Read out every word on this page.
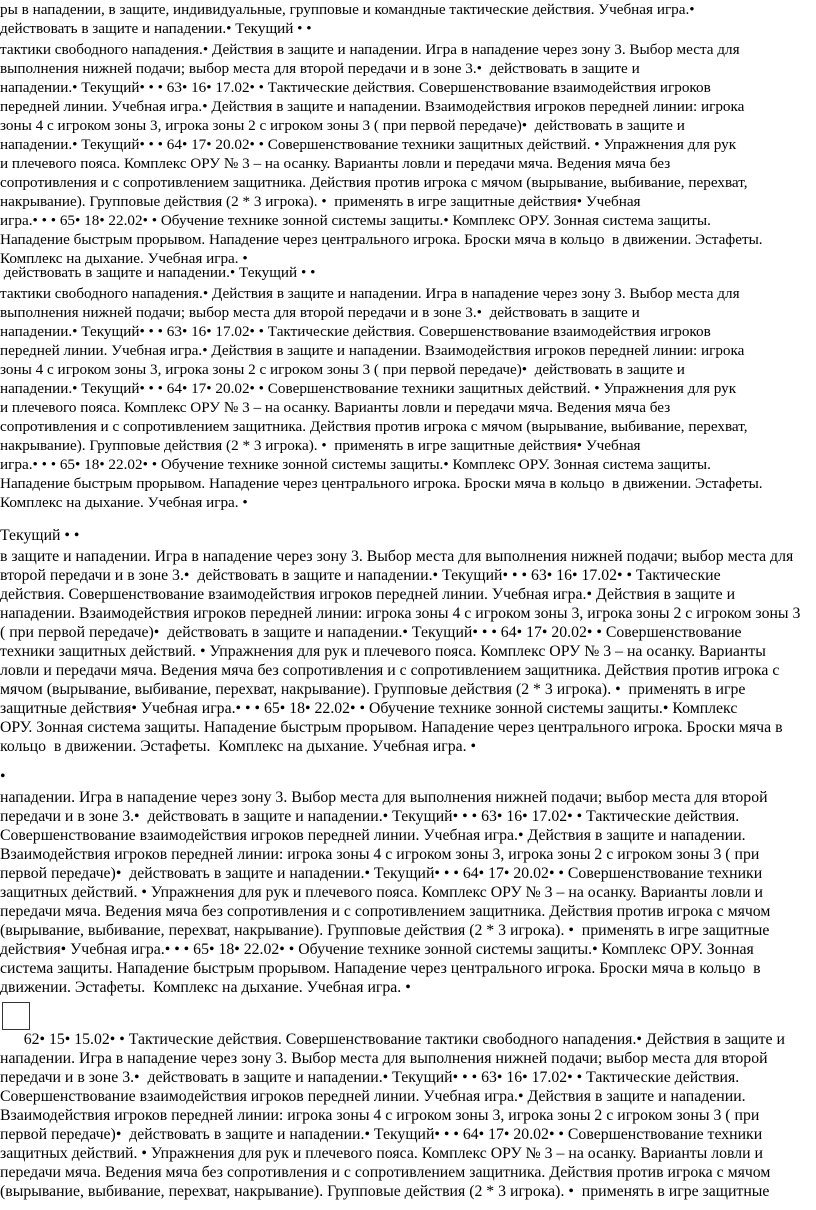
ры в нападении, в защите, индивидуальные, групповые и командные тактические действия. Учебная игра.•
действовать в защите и нападении.• Текущий • •
тактики свободного нападения.• Действия в защите и нападении. Игра в нападение через зону 3. Выбор места для
выполнения нижней подачи; выбор места для второй передачи и в зоне 3.•  действовать в защите и
нападении.• Текущий• • • 63• 16• 17.02• • Тактические действия. Совершенствование взаимодействия игроков
передней линии. Учебная игра.• Действия в защите и нападении. Взаимодействия игроков передней линии: игрока
зоны 4 с игроком зоны 3, игрока зоны 2 с игроком зоны 3 ( при первой передаче)•  действовать в защите и
нападении.• Текущий• • • 64• 17• 20.02• • Совершенствование техники защитных действий. • Упражнения для рук
и плечевого пояса. Комплекс ОРУ № 3 – на осанку. Варианты ловли и передачи мяча. Ведения мяча без
сопротивления и с сопротивлением защитника. Действия против игрока с мячом (вырывание, выбивание, перехват,
накрывание). Групповые действия (2 * 3 игрока). •  применять в игре защитные действия• Учебная
игра.• • • 65• 18• 22.02• • Обучение технике зонной системы защиты.• Комплекс ОРУ. Зонная система защиты.
Нападение быстрым прорывом. Нападение через центрального игрока. Броски мяча в кольцо  в движении. Эстафеты.
Комплекс на дыхание. Учебная игра. •
действовать в защите и нападении.• Текущий • •
тактики свободного нападения.• Действия в защите и нападении. Игра в нападение через зону 3. Выбор места для
выполнения нижней подачи; выбор места для второй передачи и в зоне 3.•  действовать в защите и
нападении.• Текущий• • • 63• 16• 17.02• • Тактические действия. Совершенствование взаимодействия игроков
передней линии. Учебная игра.• Действия в защите и нападении. Взаимодействия игроков передней линии: игрока
зоны 4 с игроком зоны 3, игрока зоны 2 с игроком зоны 3 ( при первой передаче)•  действовать в защите и
нападении.• Текущий• • • 64• 17• 20.02• • Совершенствование техники защитных действий. • Упражнения для рук
и плечевого пояса. Комплекс ОРУ № 3 – на осанку. Варианты ловли и передачи мяча. Ведения мяча без
сопротивления и с сопротивлением защитника. Действия против игрока с мячом (вырывание, выбивание, перехват,
накрывание). Групповые действия (2 * 3 игрока). •  применять в игре защитные действия• Учебная
игра.• • • 65• 18• 22.02• • Обучение технике зонной системы защиты.• Комплекс ОРУ. Зонная система защиты.
Нападение быстрым прорывом. Нападение через центрального игрока. Броски мяча в кольцо  в движении. Эстафеты.
Комплекс на дыхание. Учебная игра. •
Текущий • •
в защите и нападении. Игра в нападение через зону 3. Выбор места для выполнения нижней подачи; выбор места для
второй передачи и в зоне 3.•  действовать в защите и нападении.• Текущий• • • 63• 16• 17.02• • Тактические
действия. Совершенствование взаимодействия игроков передней линии. Учебная игра.• Действия в защите и
нападении. Взаимодействия игроков передней линии: игрока зоны 4 с игроком зоны 3, игрока зоны 2 с игроком зоны 3
( при первой передаче)•  действовать в защите и нападении.• Текущий• • • 64• 17• 20.02• • Совершенствование
техники защитных действий. • Упражнения для рук и плечевого пояса. Комплекс ОРУ № 3 – на осанку. Варианты
ловли и передачи мяча. Ведения мяча без сопротивления и с сопротивлением защитника. Действия против игрока с
мячом (вырывание, выбивание, перехват, накрывание). Групповые действия (2 * 3 игрока). •  применять в игре
защитные действия• Учебная игра.• • • 65• 18• 22.02• • Обучение технике зонной системы защиты.• Комплекс
ОРУ. Зонная система защиты. Нападение быстрым прорывом. Нападение через центрального игрока. Броски мяча в
кольцо  в движении. Эстафеты.  Комплекс на дыхание. Учебная игра. •
•
нападении. Игра в нападение через зону 3. Выбор места для выполнения нижней подачи; выбор места для второй
передачи и в зоне 3.•  действовать в защите и нападении.• Текущий• • • 63• 16• 17.02• • Тактические действия.
Совершенствование взаимодействия игроков передней линии. Учебная игра.• Действия в защите и нападении.
Взаимодействия игроков передней линии: игрока зоны 4 с игроком зоны 3, игрока зоны 2 с игроком зоны 3 ( при
первой передаче)•  действовать в защите и нападении.• Текущий• • • 64• 17• 20.02• • Совершенствование техники
защитных действий. • Упражнения для рук и плечевого пояса. Комплекс ОРУ № 3 – на осанку. Варианты ловли и
передачи мяча. Ведения мяча без сопротивления и с сопротивлением защитника. Действия против игрока с мячом
(вырывание, выбивание, перехват, накрывание). Групповые действия (2 * 3 игрока). •  применять в игре защитные
действия• Учебная игра.• • • 65• 18• 22.02• • Обучение технике зонной системы защиты.• Комплекс ОРУ. Зонная
система защиты. Нападение быстрым прорывом. Нападение через центрального игрока. Броски мяча в кольцо  в
движении. Эстафеты.  Комплекс на дыхание. Учебная игра. •
62• 15• 15.02• • Тактические действия. Совершенствование тактики свободного нападения.• Действия в защите и
нападении. Игра в нападение через зону 3. Выбор места для выполнения нижней подачи; выбор места для второй
передачи и в зоне 3.•  действовать в защите и нападении.• Текущий• • • 63• 16• 17.02• • Тактические действия.
Совершенствование взаимодействия игроков передней линии. Учебная игра.• Действия в защите и нападении.
Взаимодействия игроков передней линии: игрока зоны 4 с игроком зоны 3, игрока зоны 2 с игроком зоны 3 ( при
первой передаче)•  действовать в защите и нападении.• Текущий• • • 64• 17• 20.02• • Совершенствование техники
защитных действий. • Упражнения для рук и плечевого пояса. Комплекс ОРУ № 3 – на осанку. Варианты ловли и
передачи мяча. Ведения мяча без сопротивления и с сопротивлением защитника. Действия против игрока с мячом
(вырывание, выбивание, перехват, накрывание). Групповые действия (2 * 3 игрока). •  применять в игре защитные
